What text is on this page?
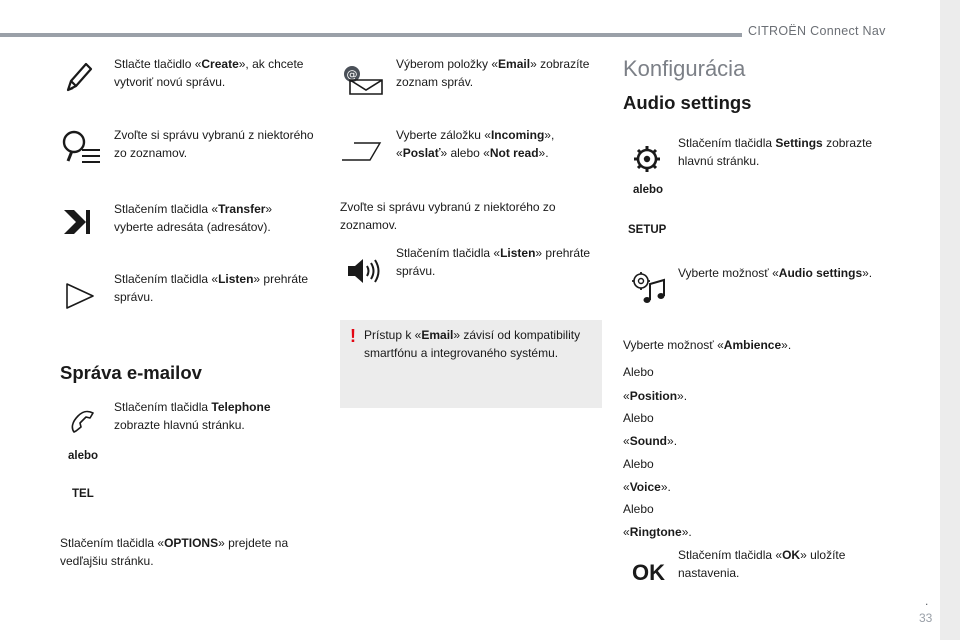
CITROËN Connect Nav
.
33
Stlačte tlačidlo «Create», ak chcete vytvoriť novú správu.
Zvoľte si správu vybranú z niektorého zo zoznamov.
Stlačením tlačidla «Transfer» vyberte adresáta (adresátov).
Stlačením tlačidla «Listen» prehráte správu.
Správa e-mailov
alebo
TEL
Stlačením tlačidla Telephone zobrazte hlavnú stránku.
Stlačením tlačidla «OPTIONS» prejdete na vedľajšiu stránku.
@
Výberom položky «Email» zobrazíte zoznam správ.
Vyberte záložku «Incoming», «Poslať» alebo «Not read».
Zvoľte si správu vybranú z niektorého zo zoznamov.
Stlačením tlačidla «Listen» prehráte správu.
! Prístup k «Email» závisí od kompatibility smartfónu a integrovaného systému.
Konfigurácia
Audio settings
alebo
SETUP
Stlačením tlačidla Settings zobrazte hlavnú stránku.
Vyberte možnosť «Audio settings».
Vyberte možnosť «Ambience».
Alebo
«Position».
Alebo
«Sound».
Alebo
«Voice».
Alebo
«Ringtone».
OK
Stlačením tlačidla «OK» uložíte nastavenia.
